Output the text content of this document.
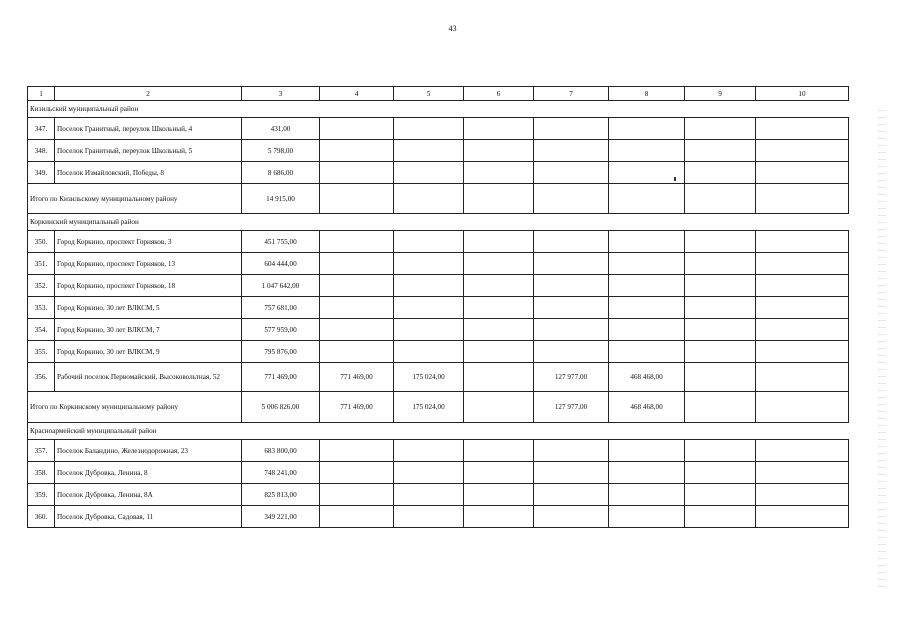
43
1	2	3	4	5	6	7	8	9	10
Кизильский муниципальный район									
347.	Поселок Гранитный, переулок Школьный, 4	431,00							
348.	Поселок Гранитный, переулок Школьный, 5	5 798,00							
349.	Поселок Измайловский, Победы, 8	8 686,00							
Итого по Кизильскому муниципальному району		14 915,00							
Коркинский муниципальный район									
350.	Город Коркино, проспект Горняков, 3	451 755,00							
351.	Город Коркино, проспект Горняков, 13	604 444,00							
352.	Город Коркино, проспект Горняков, 18	1 047 642,00							
353.	Город Коркино, 30 лет ВЛКСМ, 5	757 681,00							
354.	Город Коркино, 30 лет ВЛКСМ, 7	577 959,00							
355.	Город Коркино, 30 лет ВЛКСМ, 9	795 876,00							
356.	Рабочий поселок Первомайский, Высоковольтная, 52	771 469,00	771 469,00	175 024,00		127 977,00	468 468,00		
Итого по Коркинскому муниципальному району		5 006 826,00	771 469,00	175 024,00		127 977,00	468 468,00		
Красноармейский муниципальный район									
357.	Поселок Баландино, Железнодорожная, 23	683 800,00							
358.	Поселок Дубровка, Ленина, 8	748 241,00							
359.	Поселок Дубровка, Ленина, 8А	825 813,00							
360.	Поселок Дубровка, Садовая, 11	349 221,00							
